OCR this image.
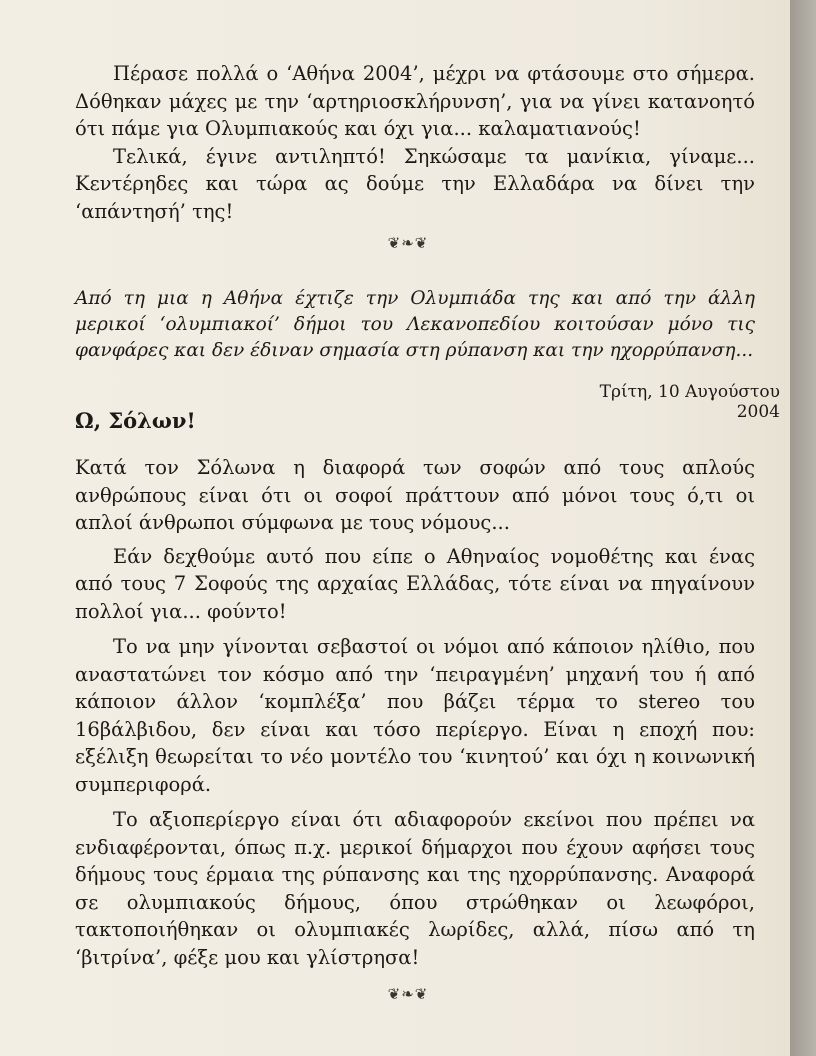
Πέρασε πολλά ο ‘Αθήνα 2004’, μέχρι να φτάσουμε στο σήμερα. Δόθηκαν μάχες με την ‘αρτηριοσκλήρυνση’, για να γίνει κατανοητό ότι πάμε για Ολυμπιακούς και όχι για... καλαματιανούς!

Τελικά, έγινε αντιληπτό! Σηκώσαμε τα μανίκια, γίναμε... Κεντέρηδες και τώρα ας δούμε την Ελλαδάρα να δίνει την ‘απάντησή’ της!

❦❧❦

Από τη μια η Αθήνα έχτιζε την Ολυμπιάδα της και από την άλλη μερικοί ‘ολυμπιακοί’ δήμοι του Λεκανοπεδίου κοιτούσαν μόνο τις φανφάρες και δεν έδιναν σημασία στη ρύπανση και την ηχορρύπανση...

Τρίτη, 10 Αυγούστου 2004
Ω, Σόλων!

Κατά τον Σόλωνα η διαφορά των σοφών από τους απλούς ανθρώπους είναι ότι οι σοφοί πράττουν από μόνοι τους ό,τι οι απλοί άνθρωποι σύμφωνα με τους νόμους...

Εάν δεχθούμε αυτό που είπε ο Αθηναίος νομοθέτης και ένας από τους 7 Σοφούς της αρχαίας Ελλάδας, τότε είναι να πηγαίνουν πολλοί για... φούντο!

Το να μην γίνονται σεβαστοί οι νόμοι από κάποιον ηλίθιο, που αναστατώνει τον κόσμο από την ‘πειραγμένη’ μηχανή του ή από κάποιον άλλον ‘κομπλέξα’ που βάζει τέρμα το stereo του 16βάλβιδου, δεν είναι και τόσο περίεργο. Είναι η εποχή που: εξέλιξη θεωρείται το νέο μοντέλο του ‘κινητού’ και όχι η κοινωνική συμπεριφορά.

Το αξιοπερίεργο είναι ότι αδιαφορούν εκείνοι που πρέπει να ενδιαφέρονται, όπως π.χ. μερικοί δήμαρχοι που έχουν αφήσει τους δήμους τους έρμαια της ρύπανσης και της ηχορρύπανσης. Αναφορά σε ολυμπιακούς δήμους, όπου στρώθηκαν οι λεωφόροι, τακτοποιήθηκαν οι ολυμπιακές λωρίδες, αλλά, πίσω από τη ‘βιτρίνα’, φέξε μου και γλίστρησα!

❦❧❦
